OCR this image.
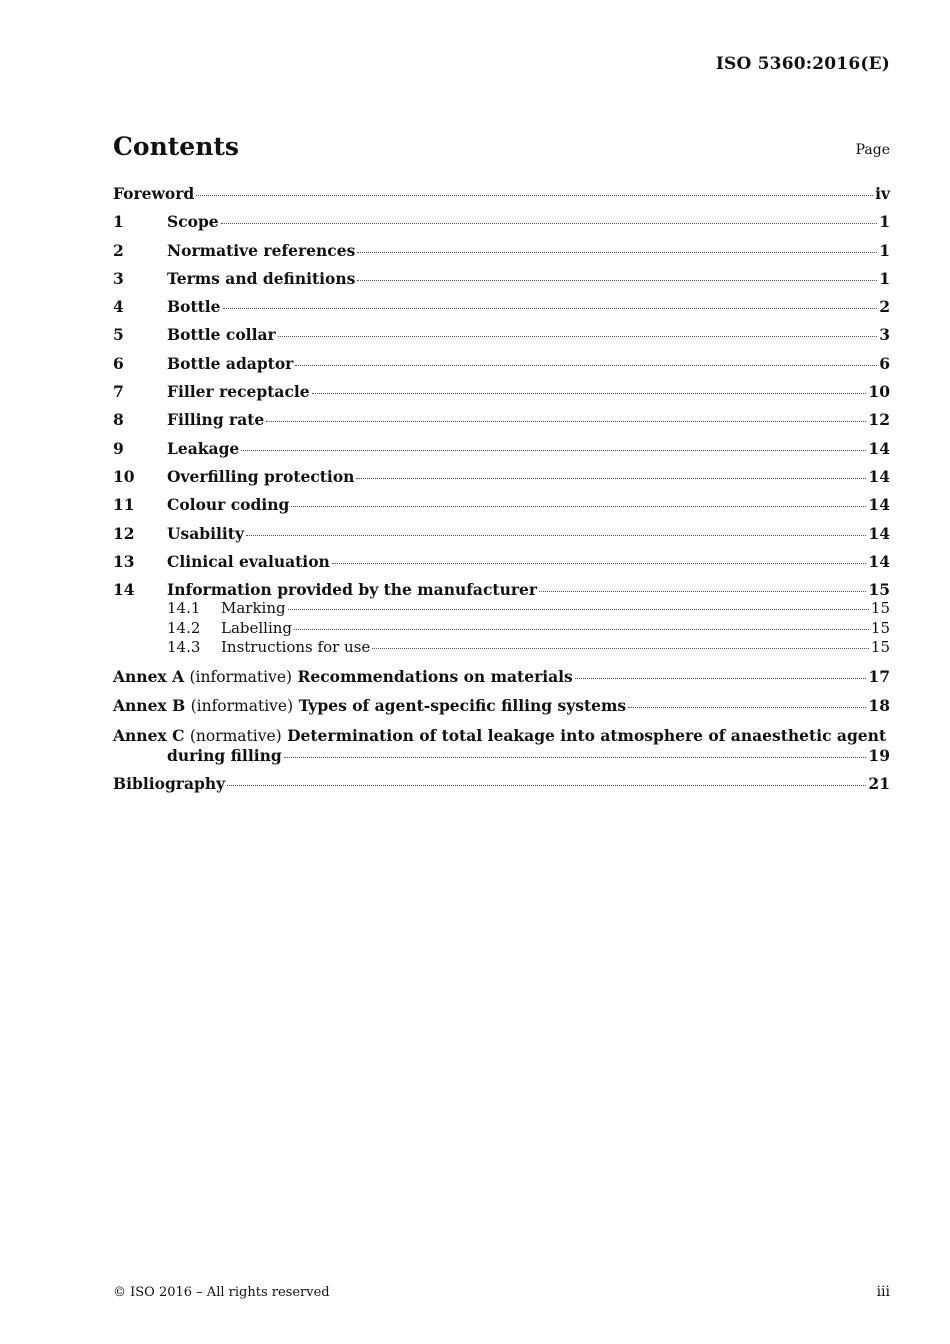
ISO 5360:2016(E)
Contents	Page
Foreword	iv
1	Scope	1
2	Normative references	1
3	Terms and definitions	1
4	Bottle	2
5	Bottle collar	3
6	Bottle adaptor	6
7	Filler receptacle	10
8	Filling rate	12
9	Leakage	14
10	Overfilling protection	14
11	Colour coding	14
12	Usability	14
13	Clinical evaluation	14
14	Information provided by the manufacturer	15
14.1	Marking	15
14.2	Labelling	15
14.3	Instructions for use	15
Annex A (informative) Recommendations on materials	17
Annex B (informative) Types of agent-specific filling systems	18
Annex C (normative) Determination of total leakage into atmosphere of anaesthetic agent
during filling	19
Bibliography	21
© ISO 2016 – All rights reserved	iii
